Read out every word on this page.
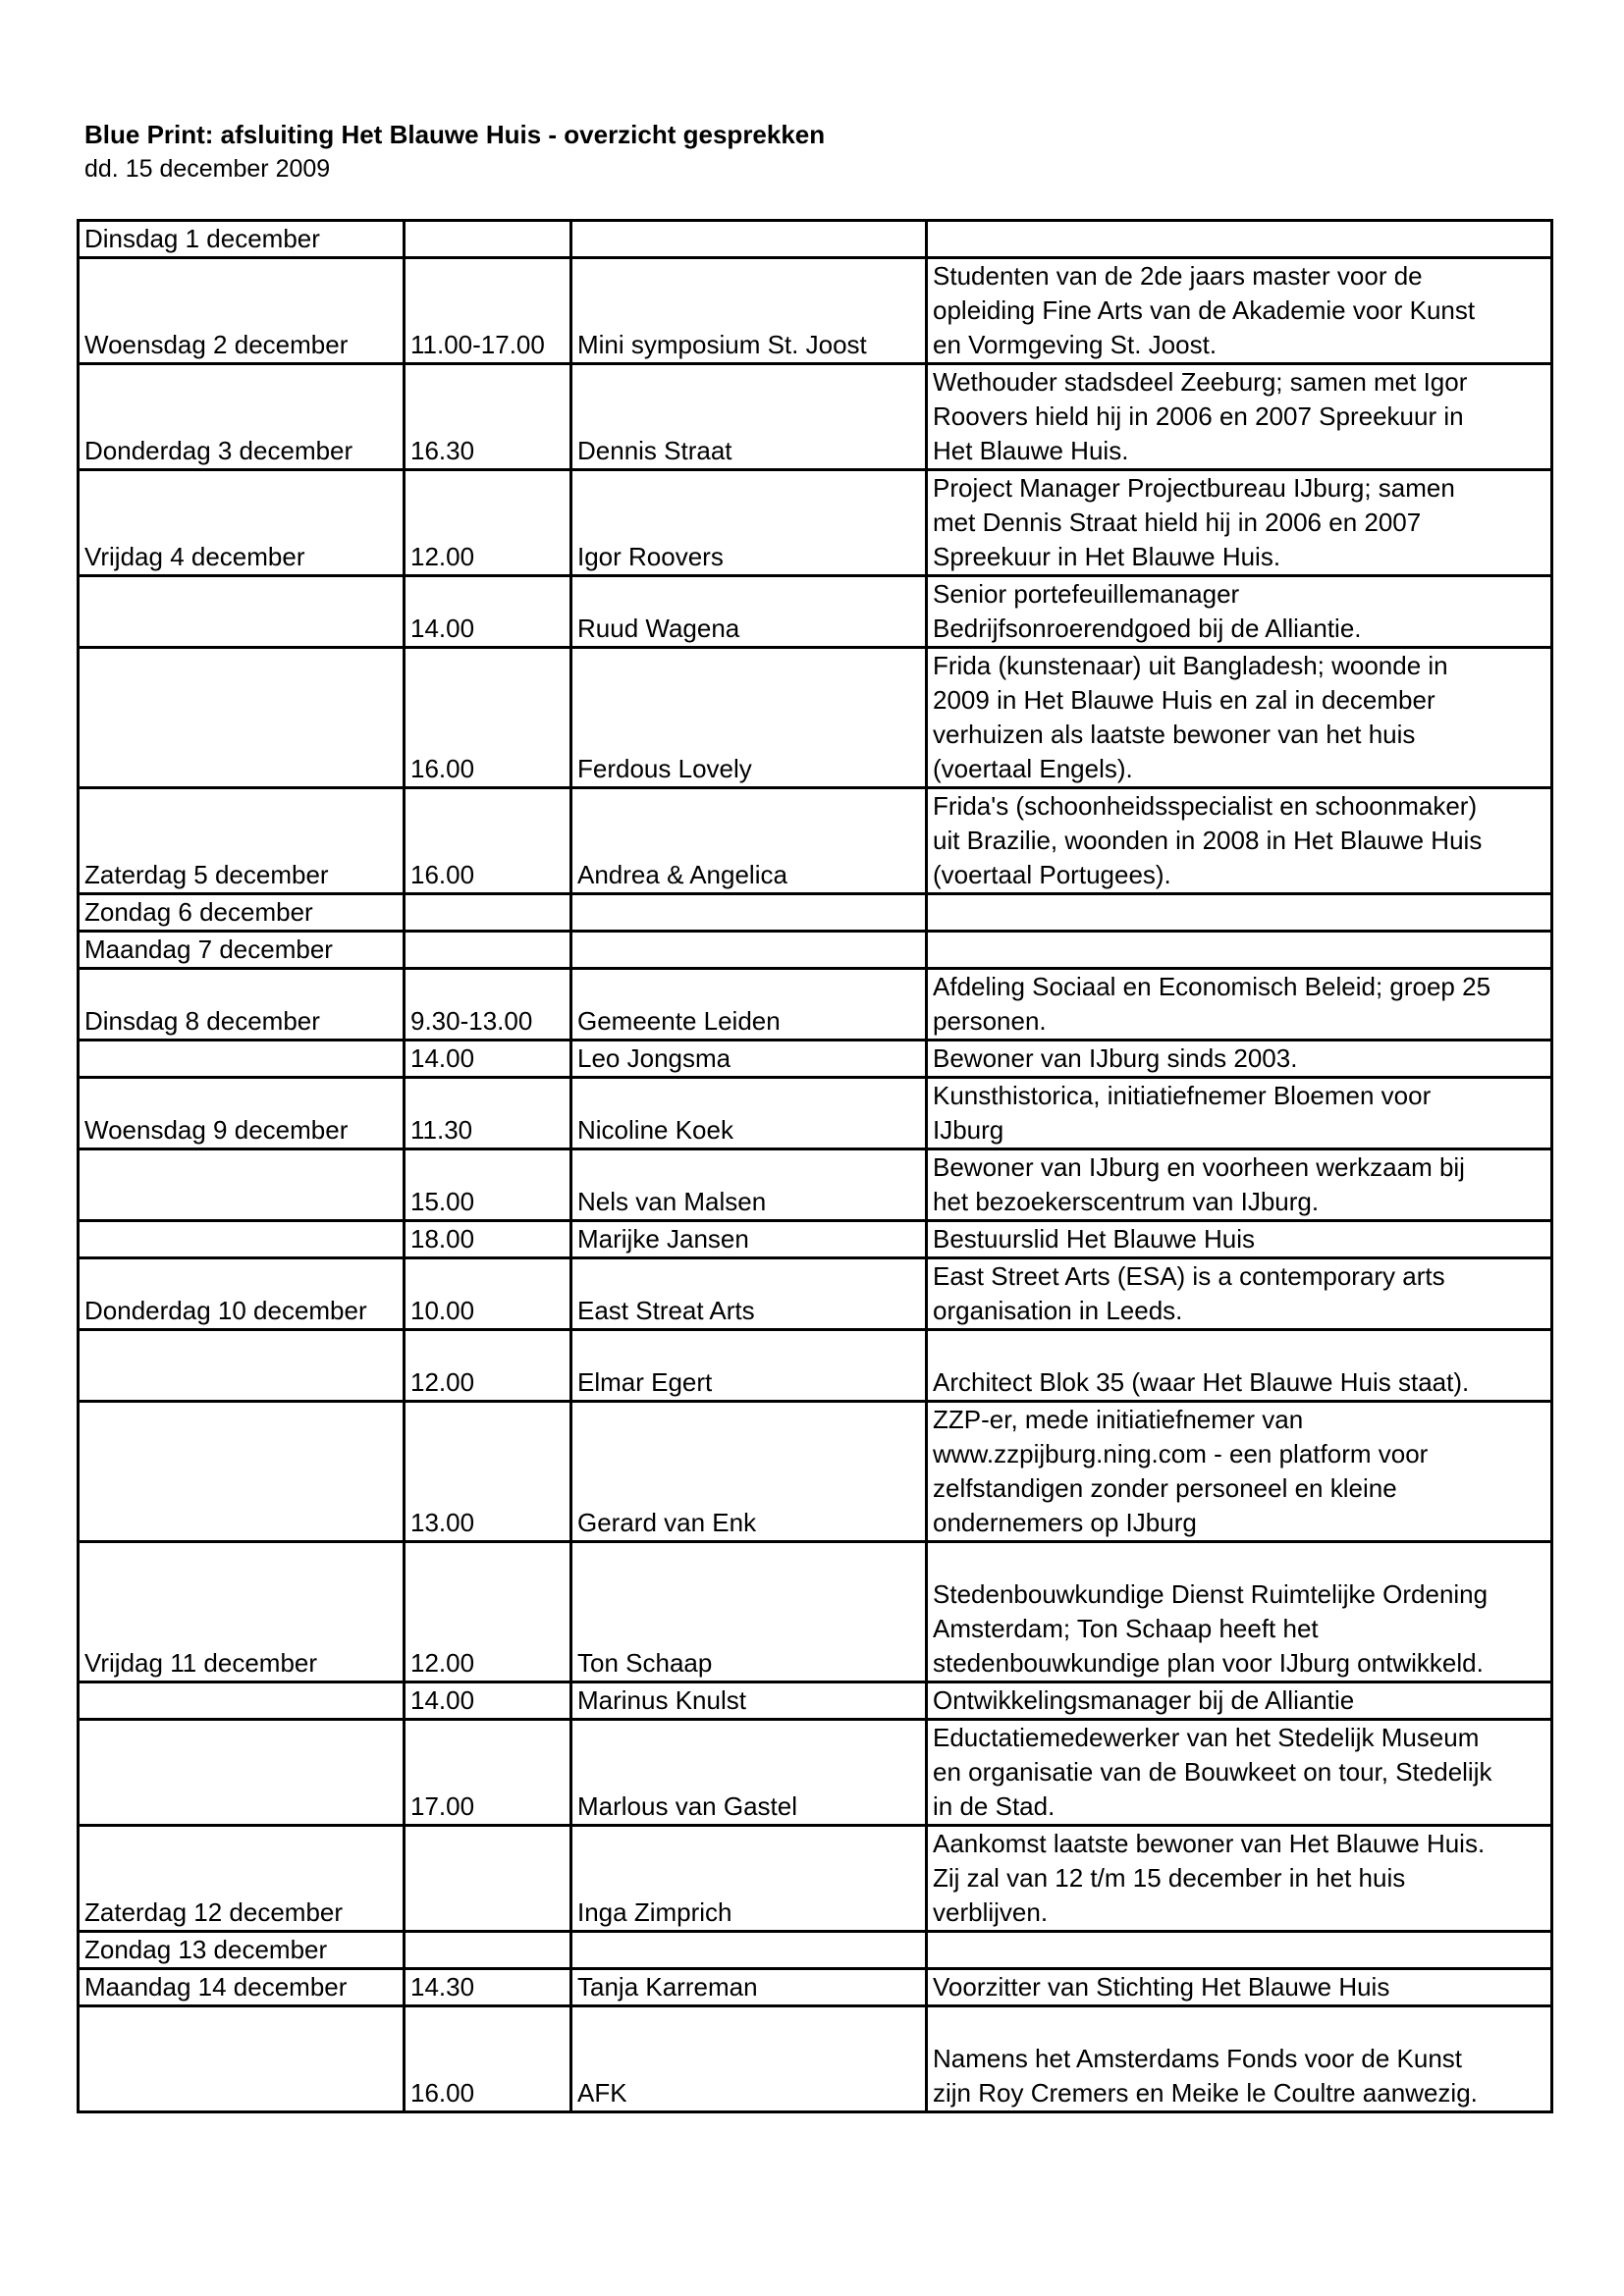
Blue Print: afsluiting Het Blauwe Huis - overzicht gesprekken
dd. 15 december 2009
Dinsdag 1 december			
Woensdag 2 december	11.00-17.00	Mini symposium St. Joost	Studenten van de 2de jaars master voor de
opleiding Fine Arts van de Akademie voor Kunst
en Vormgeving St. Joost.

Donderdag 3 december	16.30	Dennis Straat	Wethouder stadsdeel Zeeburg; samen met Igor
Roovers hield hij in 2006 en 2007 Spreekuur in
Het Blauwe Huis.

Vrijdag 4 december	12.00	Igor Roovers	Project Manager Projectbureau IJburg; samen
met Dennis Straat hield hij in 2006 en 2007
Spreekuur in Het Blauwe Huis.

	14.00	Ruud Wagena	Senior portefeuillemanager
Bedrijfsonroerendgoed bij de Alliantie.

	16.00	Ferdous Lovely	Frida (kunstenaar) uit Bangladesh; woonde in
2009 in Het Blauwe Huis en zal in december
verhuizen als laatste bewoner van het huis
(voertaal Engels).

Zaterdag 5 december	16.00	Andrea & Angelica	Frida's (schoonheidsspecialist en schoonmaker)
uit Brazilie, woonden in 2008 in Het Blauwe Huis
(voertaal Portugees).

Zondag 6 december			
Maandag 7 december			
Dinsdag 8 december	9.30-13.00	Gemeente Leiden	Afdeling Sociaal en Economisch Beleid; groep 25
personen.

	14.00	Leo Jongsma	Bewoner van IJburg sinds 2003.

Woensdag 9 december	11.30	Nicoline Koek	Kunsthistorica, initiatiefnemer Bloemen voor
IJburg

	15.00	Nels van Malsen	Bewoner van IJburg en voorheen werkzaam bij
het bezoekerscentrum van IJburg.

	18.00	Marijke Jansen	Bestuurslid Het Blauwe Huis

Donderdag 10 december	10.00	East Streat Arts	East Street Arts (ESA) is a contemporary arts
organisation in Leeds.

	12.00	Elmar Egert	Architect Blok 35 (waar Het Blauwe Huis staat).

	13.00	Gerard van Enk	ZZP-er, mede initiatiefnemer van
www.zzpijburg.ning.com - een platform voor
zelfstandigen zonder personeel en kleine
ondernemers op IJburg

Vrijdag 11 december	12.00	Ton Schaap	Stedenbouwkundige Dienst Ruimtelijke Ordening
Amsterdam; Ton Schaap heeft het
stedenbouwkundige plan voor IJburg ontwikkeld.

	14.00	Marinus Knulst	Ontwikkelingsmanager bij de Alliantie

	17.00	Marlous van Gastel	Eductatiemedewerker van het Stedelijk Museum
en organisatie van de Bouwkeet on tour, Stedelijk
in de Stad.

Zaterdag 12 december		Inga Zimprich	Aankomst laatste bewoner van Het Blauwe Huis.
Zij zal van 12 t/m 15 december in het huis
verblijven.

Zondag 13 december			
Maandag 14 december	14.30	Tanja Karreman	Voorzitter van Stichting Het Blauwe Huis

	16.00	AFK	Namens het Amsterdams Fonds voor de Kunst
zijn Roy Cremers en Meike le Coultre aanwezig.
